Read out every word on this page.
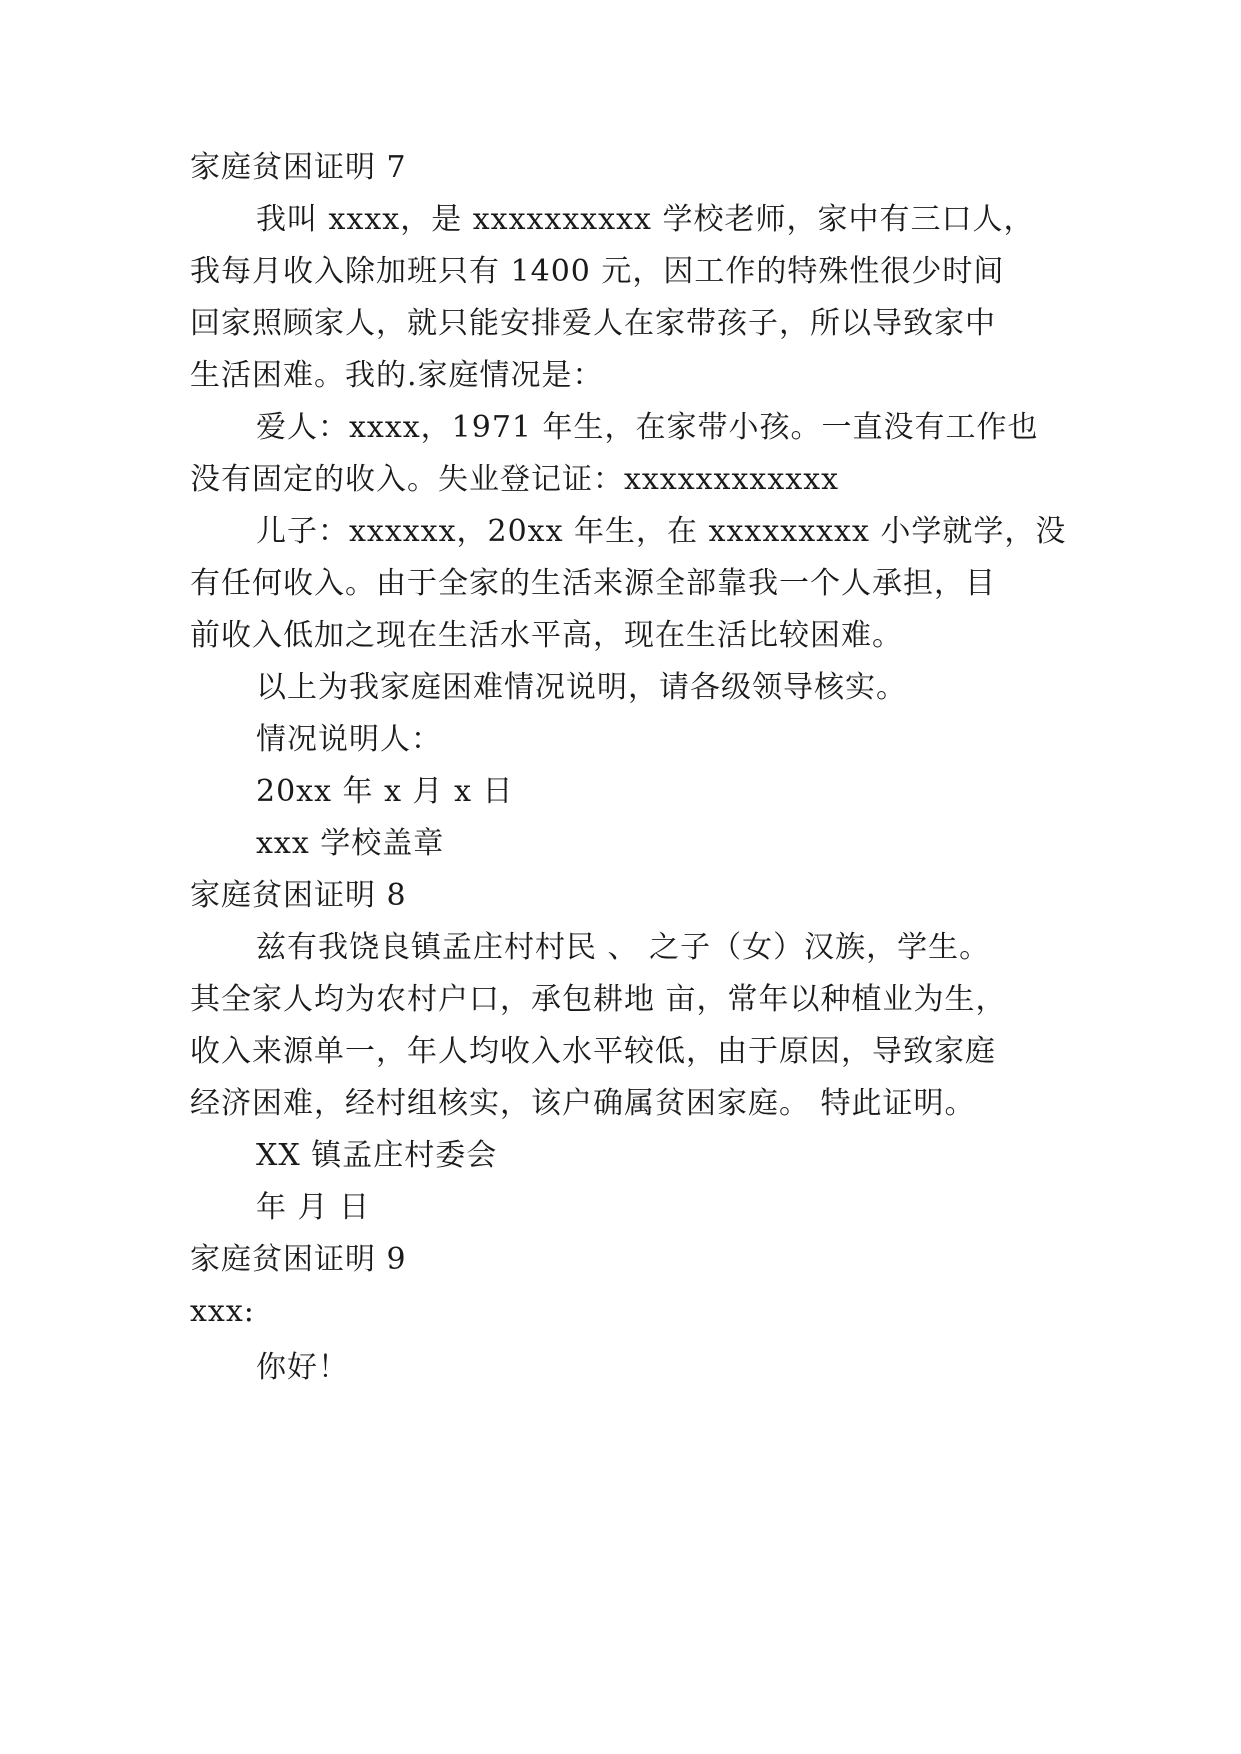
家庭贫困证明 7
我叫 xxxx，是 xxxxxxxxxx 学校老师，家中有三口人，
我每月收入除加班只有 1400 元，因工作的特殊性很少时间
回家照顾家人，就只能安排爱人在家带孩子，所以导致家中
生活困难。我的.家庭情况是：
爱人：xxxx，1971 年生，在家带小孩。一直没有工作也
没有固定的收入。失业登记证：xxxxxxxxxxxx
儿子：xxxxxx，20xx 年生，在 xxxxxxxxx 小学就学，没
有任何收入。由于全家的生活来源全部靠我一个人承担，目
前收入低加之现在生活水平高，现在生活比较困难。
以上为我家庭困难情况说明，请各级领导核实。
情况说明人：
20xx 年 x 月 x 日
xxx 学校盖章
家庭贫困证明 8
兹有我饶良镇孟庄村村民 、 之子（女）汉族，学生。
其全家人均为农村户口，承包耕地 亩，常年以种植业为生，
收入来源单一，年人均收入水平较低，由于原因，导致家庭
经济困难，经村组核实，该户确属贫困家庭。 特此证明。
XX 镇孟庄村委会
年 月 日
家庭贫困证明 9
xxx:
你好！
